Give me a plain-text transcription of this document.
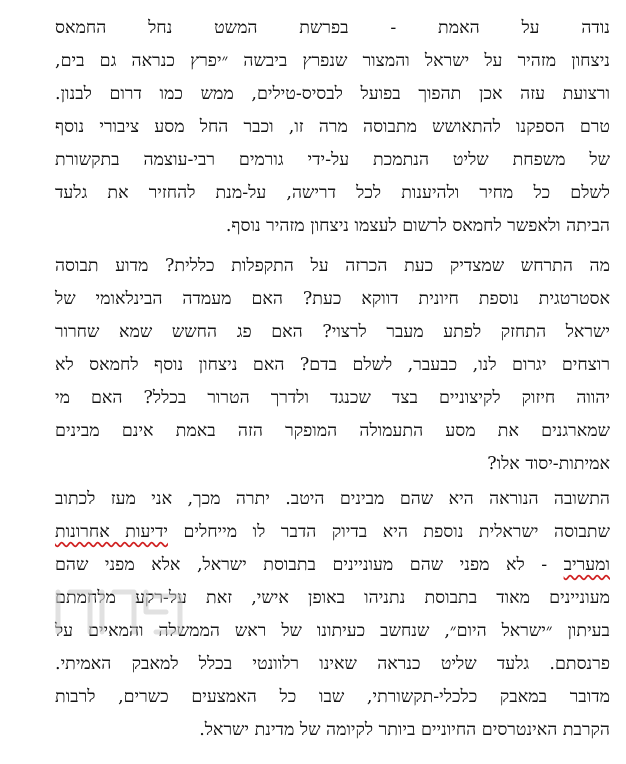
נודה על האמת - בפרשת המשט נחל החמאס
ניצחון מזהיר על ישראל והמצור שנפרץ ביבשה ״יפרץ כנראה גם בים,
ורצועת עזה אכן תהפוך בפועל לבסיס-טילים, ממש כמו דרום לבנון.
טרם הספקנו להתאושש מתבוסה מרה זו, וכבר החל מסע ציבורי נוסף
של משפחת שליט הנתמכת על-ידי גורמים רבי-עוצמה בתקשורת
לשלם כל מחיר ולהיענות לכל דרישה, על-מנת להחזיר את גלעד
הביתה ולאפשר לחמאס לרשום לעצמו ניצחון מזהיר נוסף.
מה התרחש שמצדיק כעת הכרזה על התקפלות כללית? מדוע תבוסה
אסטרטגית נוספת חיונית דווקא כעת? האם מעמדה הבינלאומי של
ישראל התחזק לפתע מעבר לרצוי? האם פג החשש שמא שחרור
רוצחים יגרום לנו, כבעבר, לשלם בדם? האם ניצחון נוסף לחמאס לא
יהווה חיזוק לקיצוניים בצד שכנגד ולדרך הטרור בכלל? האם מי
שמארגנים את מסע התעמולה המופקר הזה באמת אינם מבינים
אמיתות-יסוד אלו?
התשובה הנוראה היא שהם מבינים היטב. יתרה מכך, אני מעז לכתוב
שתבוסה ישראלית נוספת היא בדיוק הדבר לו מייחלים ידיעות אחרונות
ומעריב - לא מפני שהם מעוניינים בתבוסת ישראל, אלא מפני שהם
מעוניינים מאוד בתבוסת נתניהו באופן אישי, זאת על-רקע מלחמתם
בעיתון ״ישראל היום״, שנחשב כעיתונו של ראש הממשלה והמאיים על
פרנסתם. גלעד שליט כנראה שאינו רלוונטי בכלל למאבק האמיתי.
מדובר במאבק כלכלי-תקשורתי, שבו כל האמצעים כשרים, לרבות
הקרבת האינטרסים החיוניים ביותר לקיומה של מדינת ישראל.
